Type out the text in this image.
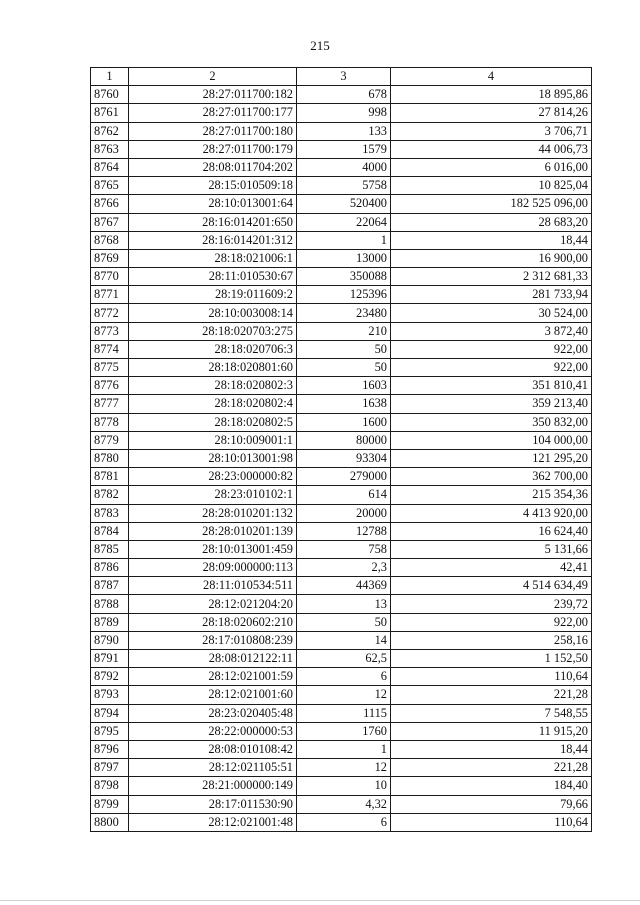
215
1	2	3	4
8760	28:27:011700:182	678	18 895,86
8761	28:27:011700:177	998	27 814,26
8762	28:27:011700:180	133	3 706,71
8763	28:27:011700:179	1579	44 006,73
8764	28:08:011704:202	4000	6 016,00
8765	28:15:010509:18	5758	10 825,04
8766	28:10:013001:64	520400	182 525 096,00
8767	28:16:014201:650	22064	28 683,20
8768	28:16:014201:312	1	18,44
8769	28:18:021006:1	13000	16 900,00
8770	28:11:010530:67	350088	2 312 681,33
8771	28:19:011609:2	125396	281 733,94
8772	28:10:003008:14	23480	30 524,00
8773	28:18:020703:275	210	3 872,40
8774	28:18:020706:3	50	922,00
8775	28:18:020801:60	50	922,00
8776	28:18:020802:3	1603	351 810,41
8777	28:18:020802:4	1638	359 213,40
8778	28:18:020802:5	1600	350 832,00
8779	28:10:009001:1	80000	104 000,00
8780	28:10:013001:98	93304	121 295,20
8781	28:23:000000:82	279000	362 700,00
8782	28:23:010102:1	614	215 354,36
8783	28:28:010201:132	20000	4 413 920,00
8784	28:28:010201:139	12788	16 624,40
8785	28:10:013001:459	758	5 131,66
8786	28:09:000000:113	2,3	42,41
8787	28:11:010534:511	44369	4 514 634,49
8788	28:12:021204:20	13	239,72
8789	28:18:020602:210	50	922,00
8790	28:17:010808:239	14	258,16
8791	28:08:012122:11	62,5	1 152,50
8792	28:12:021001:59	6	110,64
8793	28:12:021001:60	12	221,28
8794	28:23:020405:48	1115	7 548,55
8795	28:22:000000:53	1760	11 915,20
8796	28:08:010108:42	1	18,44
8797	28:12:021105:51	12	221,28
8798	28:21:000000:149	10	184,40
8799	28:17:011530:90	4,32	79,66
8800	28:12:021001:48	6	110,64
